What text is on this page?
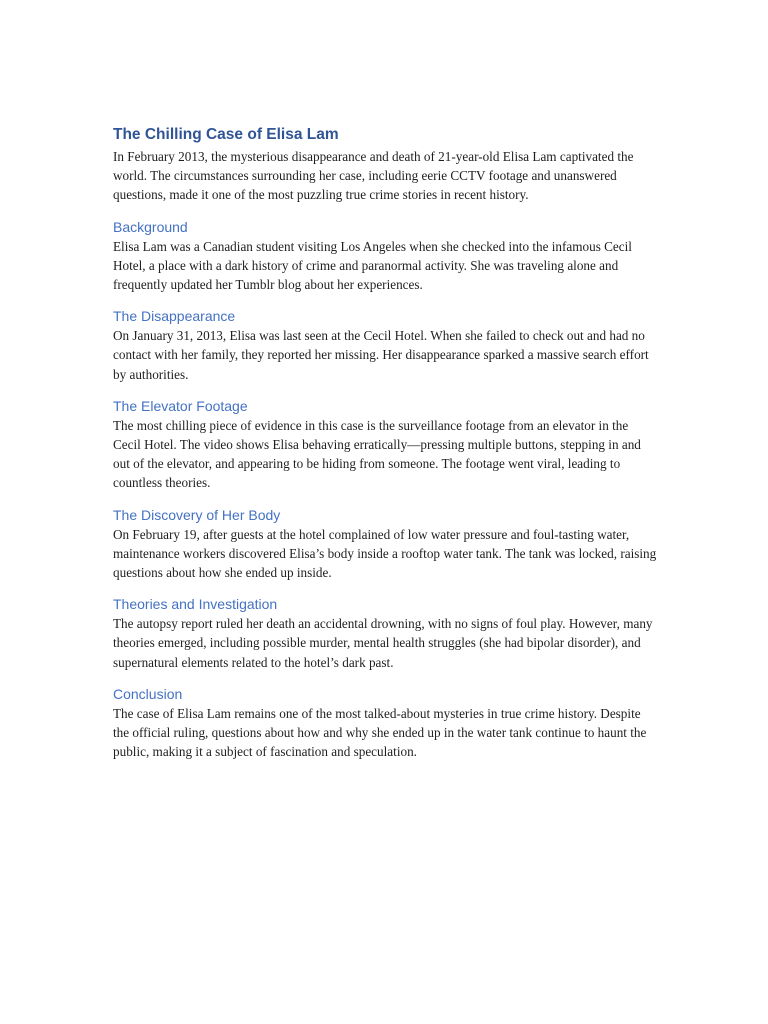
The Chilling Case of Elisa Lam

In February 2013, the mysterious disappearance and death of 21-year-old Elisa Lam captivated the world. The circumstances surrounding her case, including eerie CCTV footage and unanswered questions, made it one of the most puzzling true crime stories in recent history.

Background

Elisa Lam was a Canadian student visiting Los Angeles when she checked into the infamous Cecil Hotel, a place with a dark history of crime and paranormal activity. She was traveling alone and frequently updated her Tumblr blog about her experiences.

The Disappearance

On January 31, 2013, Elisa was last seen at the Cecil Hotel. When she failed to check out and had no contact with her family, they reported her missing. Her disappearance sparked a massive search effort by authorities.

The Elevator Footage

The most chilling piece of evidence in this case is the surveillance footage from an elevator in the Cecil Hotel. The video shows Elisa behaving erratically—pressing multiple buttons, stepping in and out of the elevator, and appearing to be hiding from someone. The footage went viral, leading to countless theories.

The Discovery of Her Body

On February 19, after guests at the hotel complained of low water pressure and foul-tasting water, maintenance workers discovered Elisa’s body inside a rooftop water tank. The tank was locked, raising questions about how she ended up inside.

Theories and Investigation

The autopsy report ruled her death an accidental drowning, with no signs of foul play. However, many theories emerged, including possible murder, mental health struggles (she had bipolar disorder), and supernatural elements related to the hotel’s dark past.

Conclusion

The case of Elisa Lam remains one of the most talked-about mysteries in true crime history. Despite the official ruling, questions about how and why she ended up in the water tank continue to haunt the public, making it a subject of fascination and speculation.
